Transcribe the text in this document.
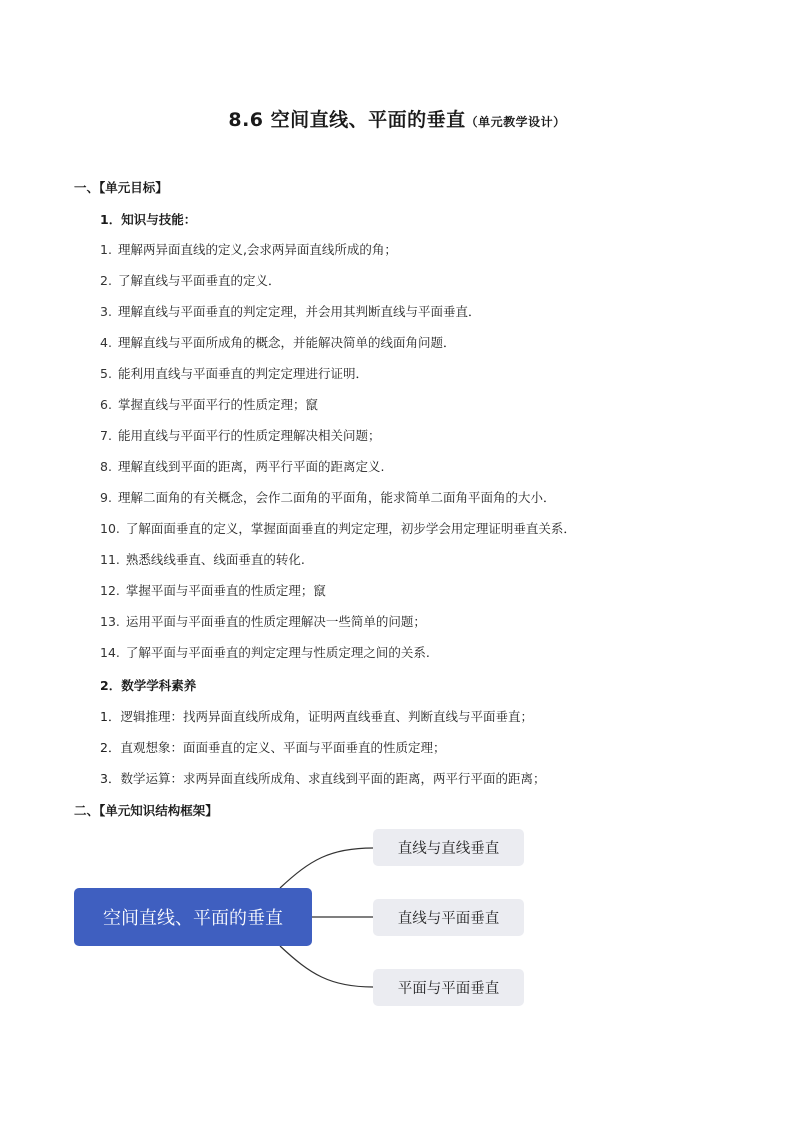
8.6 空间直线、平面的垂直（单元教学设计）
一、【单元目标】
1．知识与技能：
1. 理解两异面直线的定义,会求两异面直线所成的角；
2. 了解直线与平面垂直的定义．
3. 理解直线与平面垂直的判定定理，并会用其判断直线与平面垂直．
4. 理解直线与平面所成角的概念，并能解决简单的线面角问题．
5. 能利用直线与平面垂直的判定定理进行证明．
6. 掌握直线与平面平行的性质定理；竄
7. 能用直线与平面平行的性质定理解决相关问题；
8. 理解直线到平面的距离，两平行平面的距离定义.
9. 理解二面角的有关概念，会作二面角的平面角，能求简单二面角平面角的大小．
10. 了解面面垂直的定义，掌握面面垂直的判定定理，初步学会用定理证明垂直关系．
11. 熟悉线线垂直、线面垂直的转化.
12. 掌握平面与平面垂直的性质定理；竄
13. 运用平面与平面垂直的性质定理解决一些简单的问题；
14. 了解平面与平面垂直的判定定理与性质定理之间的关系.
2．数学学科素养
1．逻辑推理：找两异面直线所成角，证明两直线垂直、判断直线与平面垂直；
2．直观想象：面面垂直的定义、平面与平面垂直的性质定理；
3．数学运算：求两异面直线所成角、求直线到平面的距离，两平行平面的距离；
二、【单元知识结构框架】
空间直线、平面的垂直
直线与直线垂直
直线与平面垂直
平面与平面垂直
